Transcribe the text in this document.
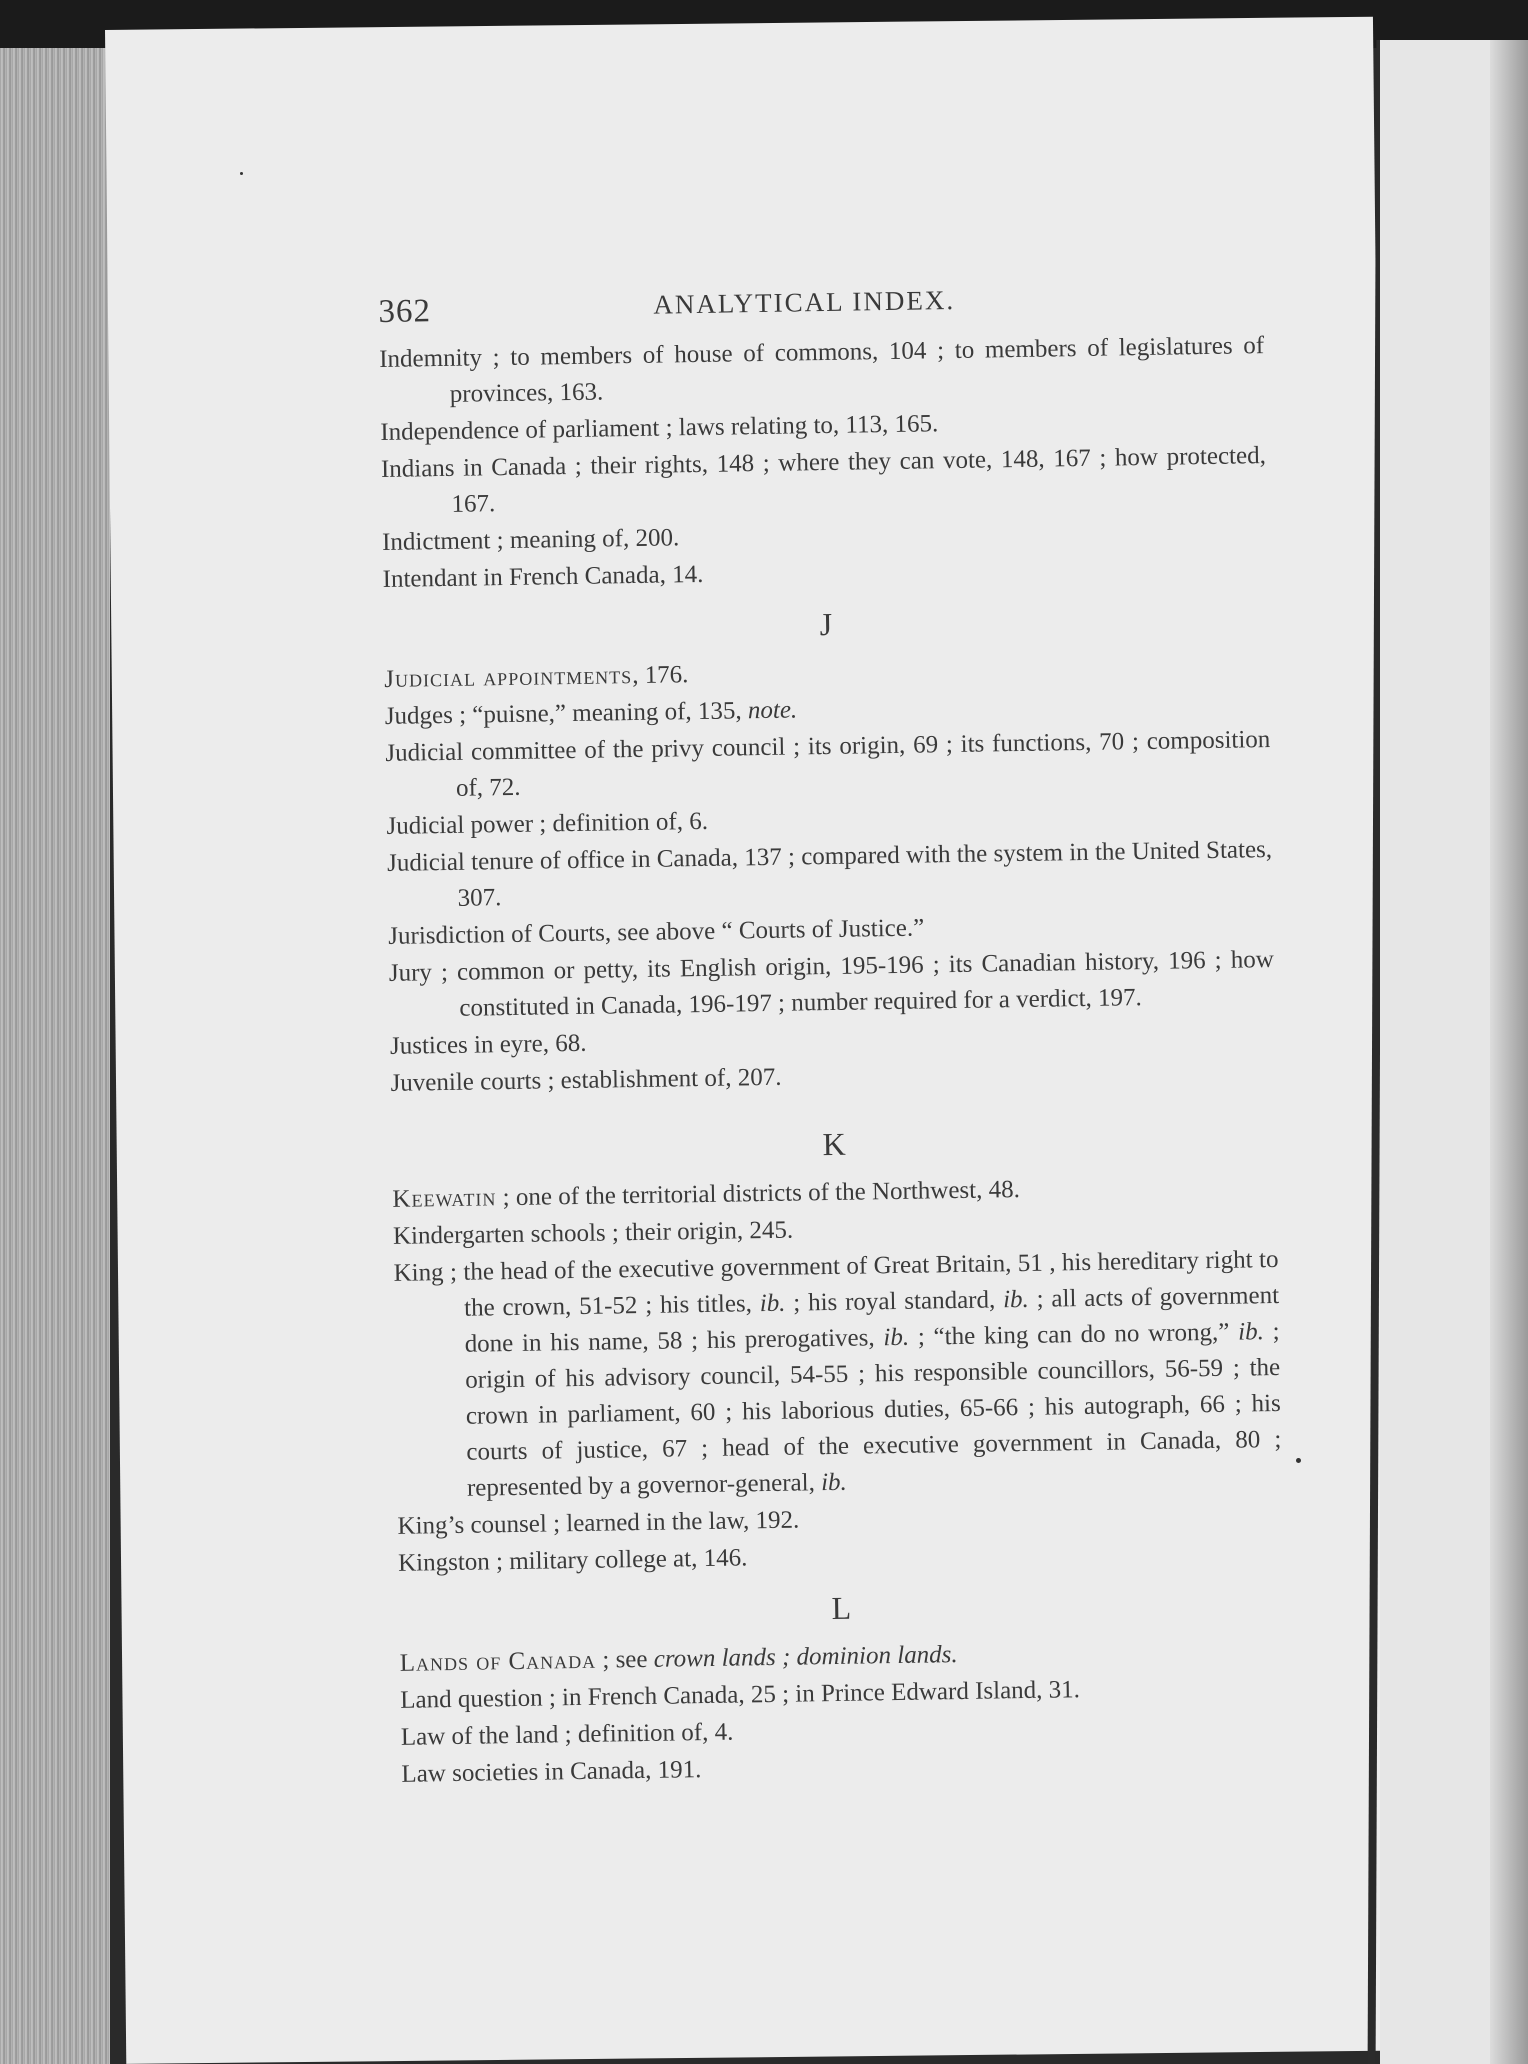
362	ANALYTICAL INDEX.

Indemnity ; to members of house of commons, 104 ; to members of legislatures of provinces, 163.

Independence of parliament ; laws relating to, 113, 165.

Indians in Canada ; their rights, 148 ; where they can vote, 148, 167 ; how protected, 167.

Indictment ; meaning of, 200.

Intendant in French Canada, 14.

J

Judicial appointments, 176.

Judges ; “puisne,” meaning of, 135, note.

Judicial committee of the privy council ; its origin, 69 ; its functions, 70 ; composition of, 72.

Judicial power ; definition of, 6.

Judicial tenure of office in Canada, 137 ; compared with the system in the United States, 307.

Jurisdiction of Courts, see above “ Courts of Justice.”

Jury ; common or petty, its English origin, 195-196 ; its Canadian history, 196 ; how constituted in Canada, 196-197 ; number required for a verdict, 197.

Justices in eyre, 68.

Juvenile courts ; establishment of, 207.

K

Keewatin ; one of the territorial districts of the Northwest, 48.

Kindergarten schools ; their origin, 245.

King ; the head of the executive government of Great Britain, 51 , his hereditary right to the crown, 51-52 ; his titles, ib. ; his royal standard, ib. ; all acts of government done in his name, 58 ; his prerogatives, ib. ; “the king can do no wrong,” ib. ; origin of his advisory council, 54-55 ; his responsible councillors, 56-59 ; the crown in parliament, 60 ; his laborious duties, 65-66 ; his autograph, 66 ; his courts of justice, 67 ; head of the executive government in Canada, 80 ; represented by a governor-general, ib.

King’s counsel ; learned in the law, 192.

Kingston ; military college at, 146.

L

Lands of Canada ; see crown lands ; dominion lands.

Land question ; in French Canada, 25 ; in Prince Edward Island, 31.

Law of the land ; definition of, 4.

Law societies in Canada, 191.
